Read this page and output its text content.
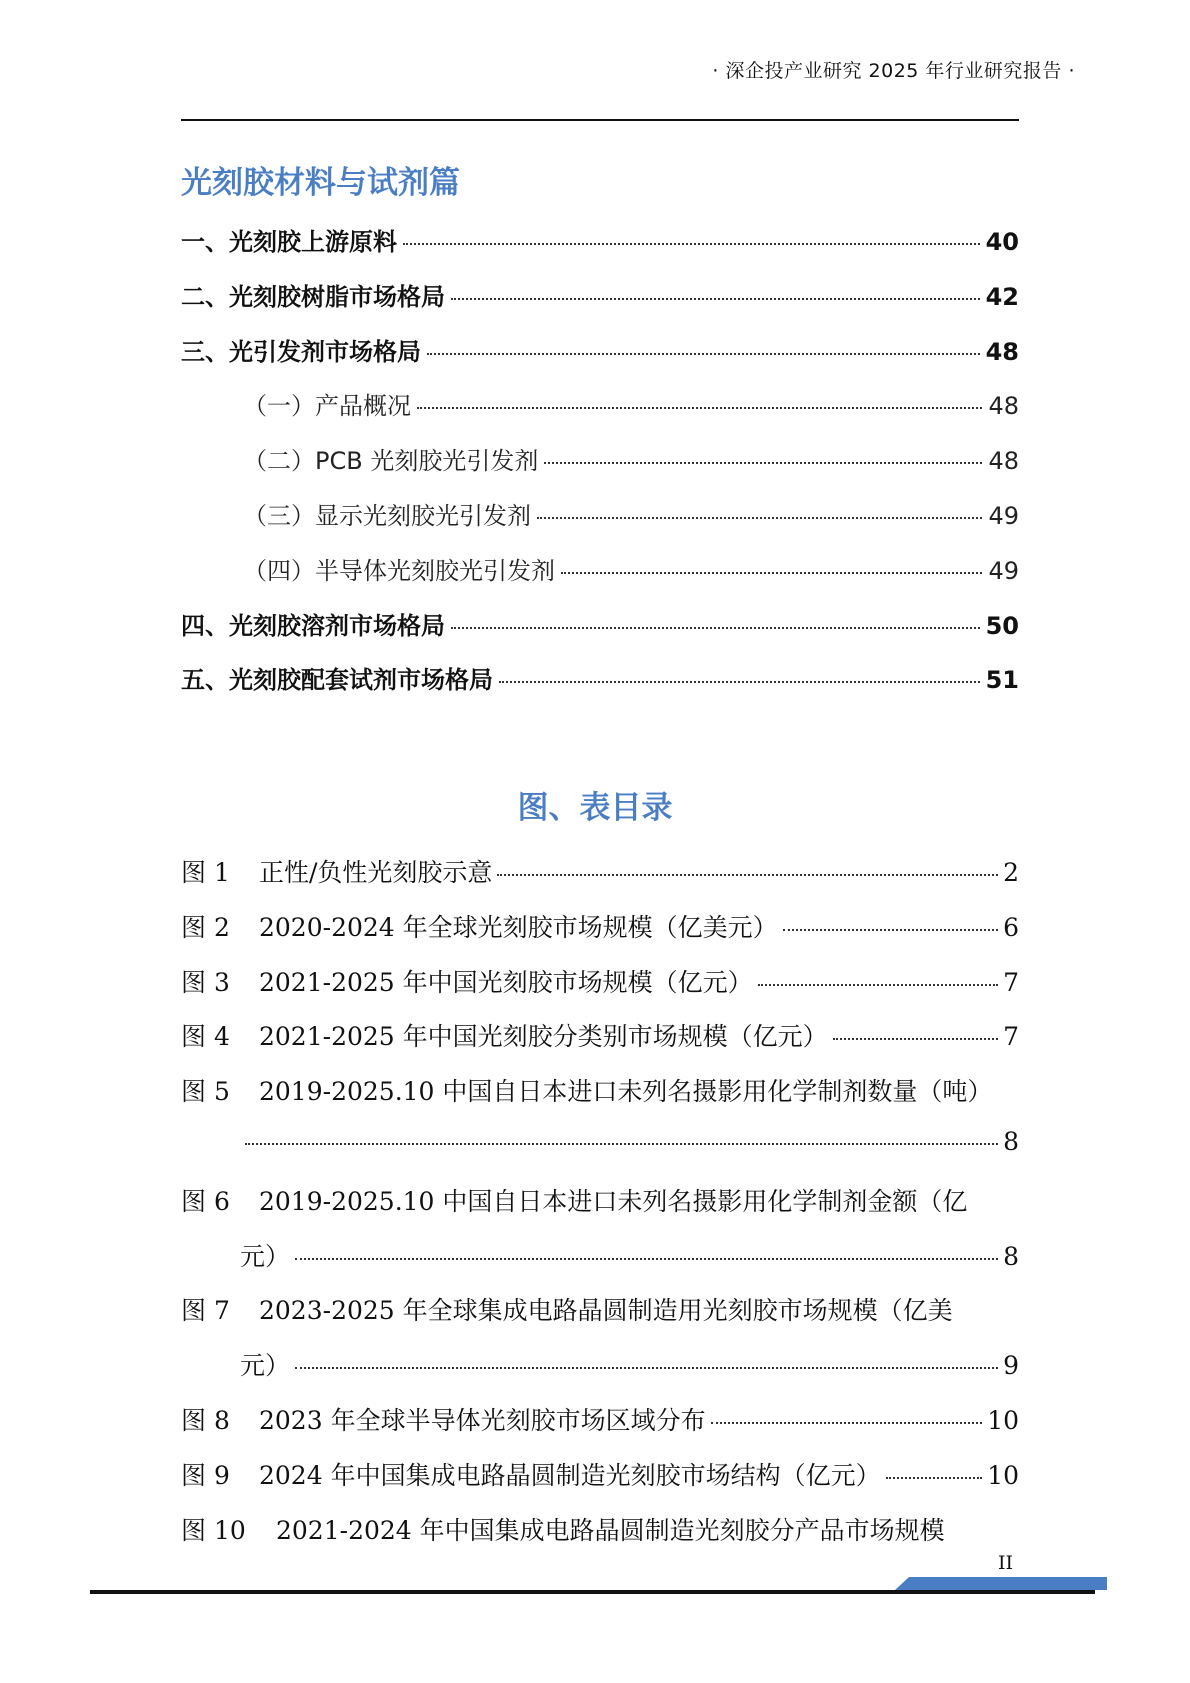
· 深企投产业研究 2025 年行业研究报告 ·
光刻胶材料与试剂篇
一、光刻胶上游原料	40
二、光刻胶树脂市场格局	42
三、光引发剂市场格局	48
（一）产品概况	48
（二）PCB 光刻胶光引发剂	48
（三）显示光刻胶光引发剂	49
（四）半导体光刻胶光引发剂	49
四、光刻胶溶剂市场格局	50
五、光刻胶配套试剂市场格局	51
图、表目录
图 1	正性/负性光刻胶示意	2
图 2	2020-2024 年全球光刻胶市场规模（亿美元）	6
图 3	2021-2025 年中国光刻胶市场规模（亿元）	7
图 4	2021-2025 年中国光刻胶分类别市场规模（亿元）	7
图 5	2019-2025.10 中国自日本进口未列名摄影用化学制剂数量（吨）
8
图 6	2019-2025.10 中国自日本进口未列名摄影用化学制剂金额（亿
元）	8
图 7	2023-2025 年全球集成电路晶圆制造用光刻胶市场规模（亿美
元）	9
图 8	2023 年全球半导体光刻胶市场区域分布	10
图 9	2024 年中国集成电路晶圆制造光刻胶市场结构（亿元）	10
图 10	2021-2024 年中国集成电路晶圆制造光刻胶分产品市场规模
II
